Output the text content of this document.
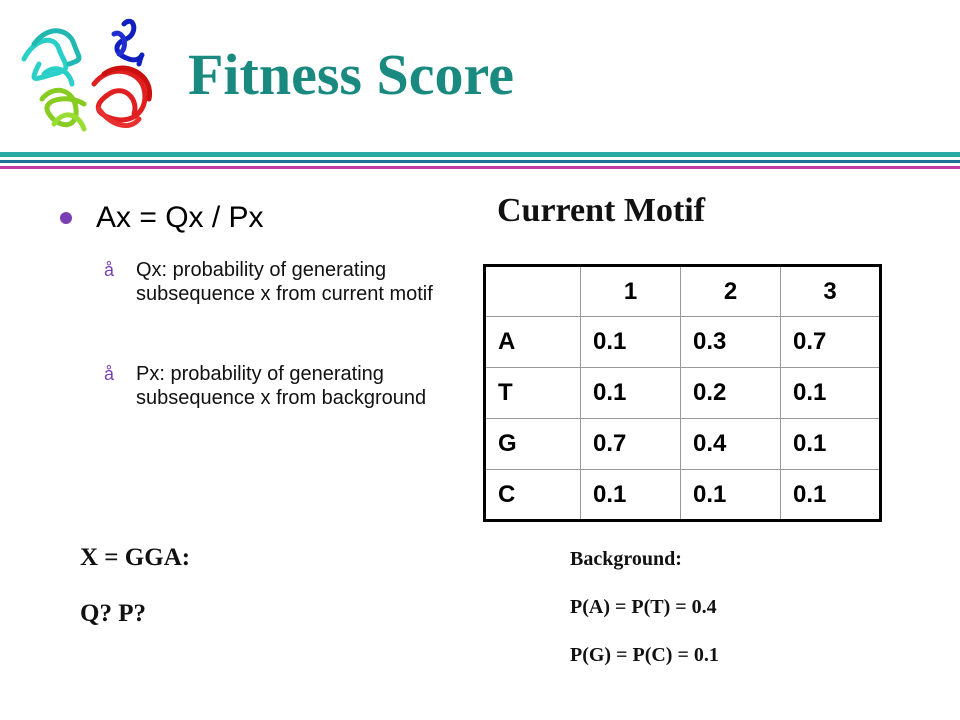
Fitness Score
Ax = Qx / Px
å Qx: probability of generating subsequence x from current motif
å Px: probability of generating subsequence x from background
Current Motif
	1	2	3
A	0.1	0.3	0.7
T	0.1	0.2	0.1
G	0.7	0.4	0.1
C	0.1	0.1	0.1
X = GGA:
Q? P?
Background:
P(A) = P(T) = 0.4
P(G) = P(C) = 0.1
